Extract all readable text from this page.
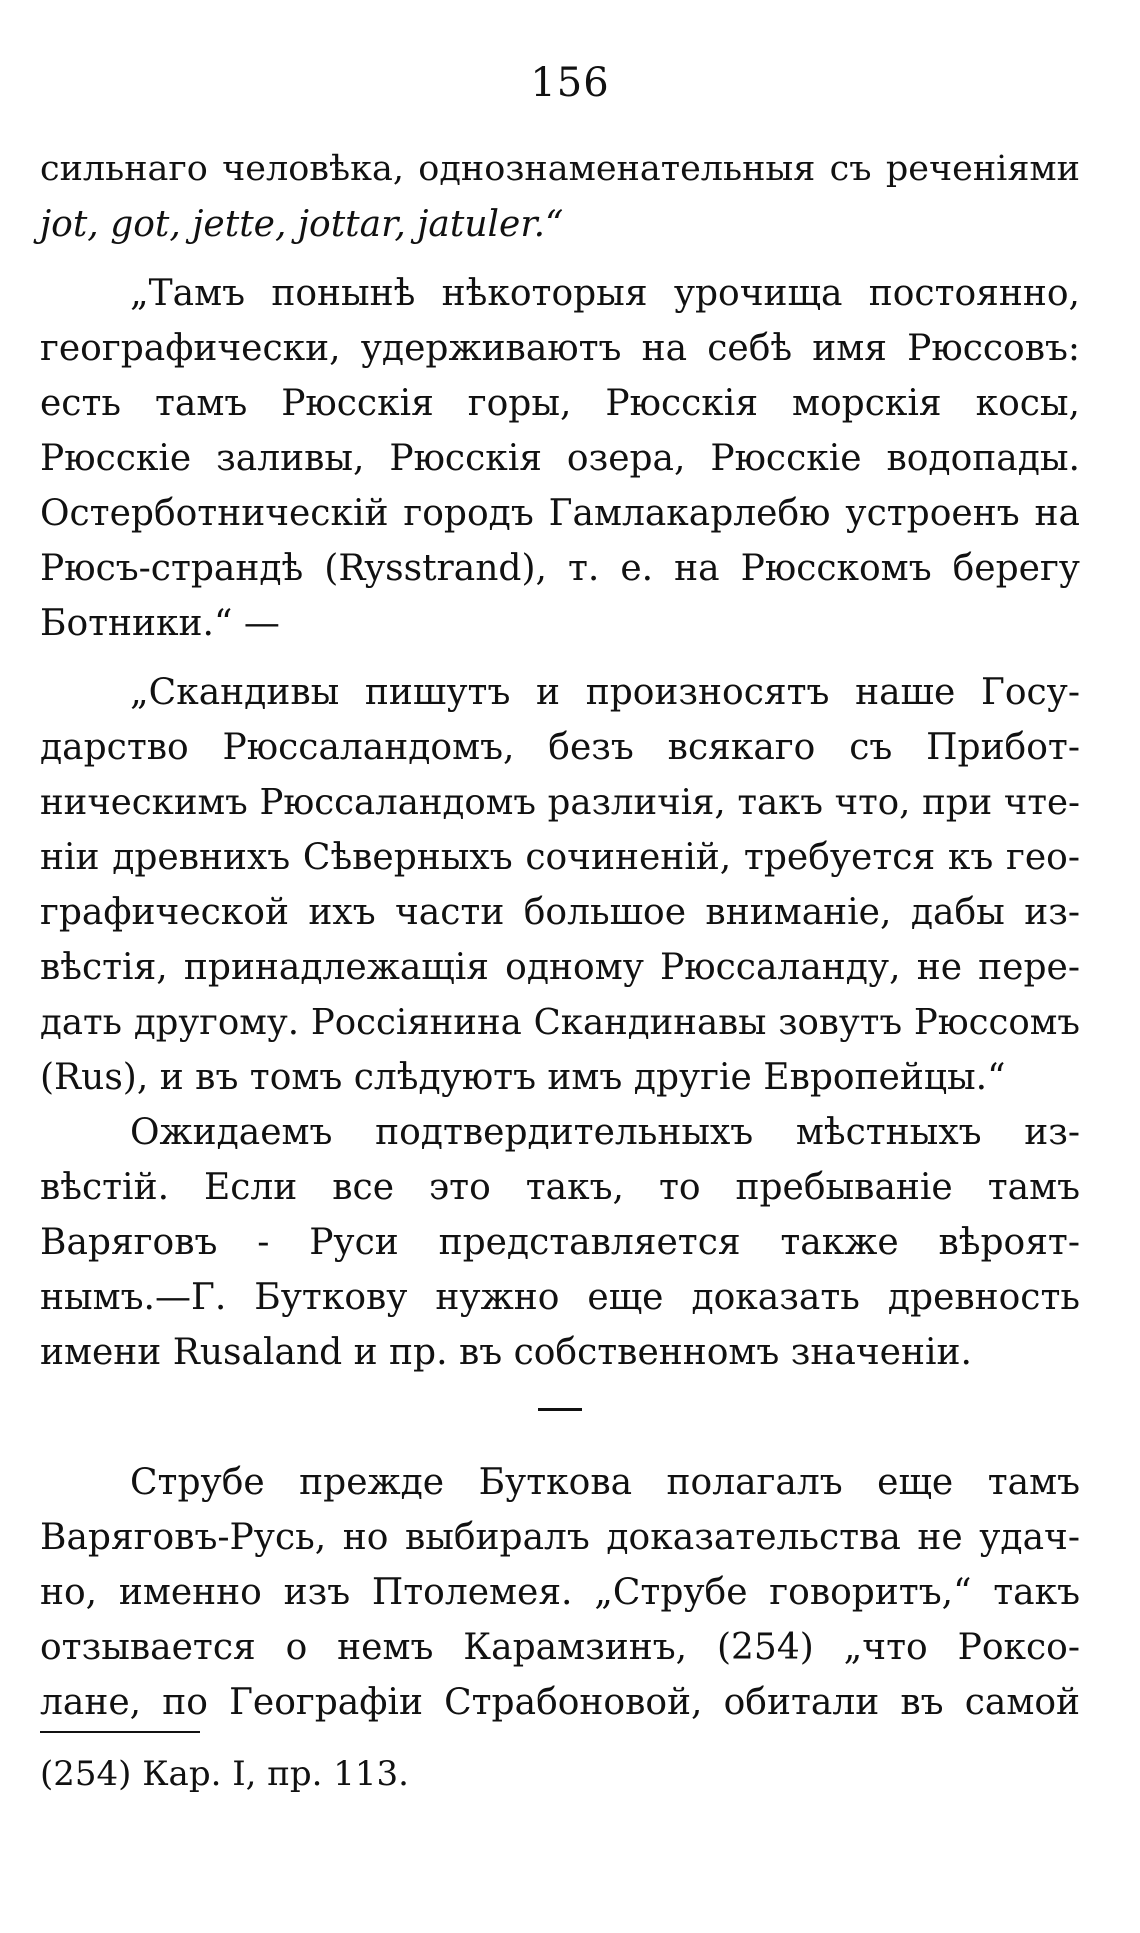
156
сильнаго человѣка, однознаменательныя съ реченіями
jot, got, jette, jottar, jatuler.“
„Тамъ понынѣ нѣкоторыя урочища постоянно,
географически, удерживаютъ на себѣ имя Рюссовъ:
есть тамъ Рюсскія горы, Рюсскія морскія косы,
Рюсскіе заливы, Рюсскія озера, Рюсскіе водопады.
Остерботническій городъ Гамлакарлебю устроенъ на
Рюсъ-страндѣ (Rysstrand), т. е. на Рюсскомъ берегу
Ботники.“ —
„Скандивы пишутъ и произносятъ наше Госу-
дарство Рюссаландомъ, безъ всякаго съ Прибот-
ническимъ Рюссаландомъ различія, такъ что, при чте-
ніи древнихъ Сѣверныхъ сочиненій, требуется къ гео-
графической ихъ части большое вниманіе, дабы из-
вѣстія, принадлежащія одному Рюссаланду, не пере-
дать другому. Россіянина Скандинавы зовутъ Рюссомъ
(Rus), и въ томъ слѣдуютъ имъ другіе Европейцы.“
Ожидаемъ подтвердительныхъ мѣстныхъ из-
вѣстій. Если все это такъ, то пребываніе тамъ
Варяговъ - Руси представляется также вѣроят-
нымъ.—Г. Буткову нужно еще доказать древность
имени Rusaland и пр. въ собственномъ значеніи.
Струбе прежде Буткова полагалъ еще тамъ
Варяговъ-Русь, но выбиралъ доказательства не удач-
но, именно изъ Птолемея. „Струбе говоритъ,“ такъ
отзывается о немъ Карамзинъ, (254) „что Роксо-
лане, по Географіи Страбоновой, обитали въ самой
(254) Кар. I, пр. 113.
